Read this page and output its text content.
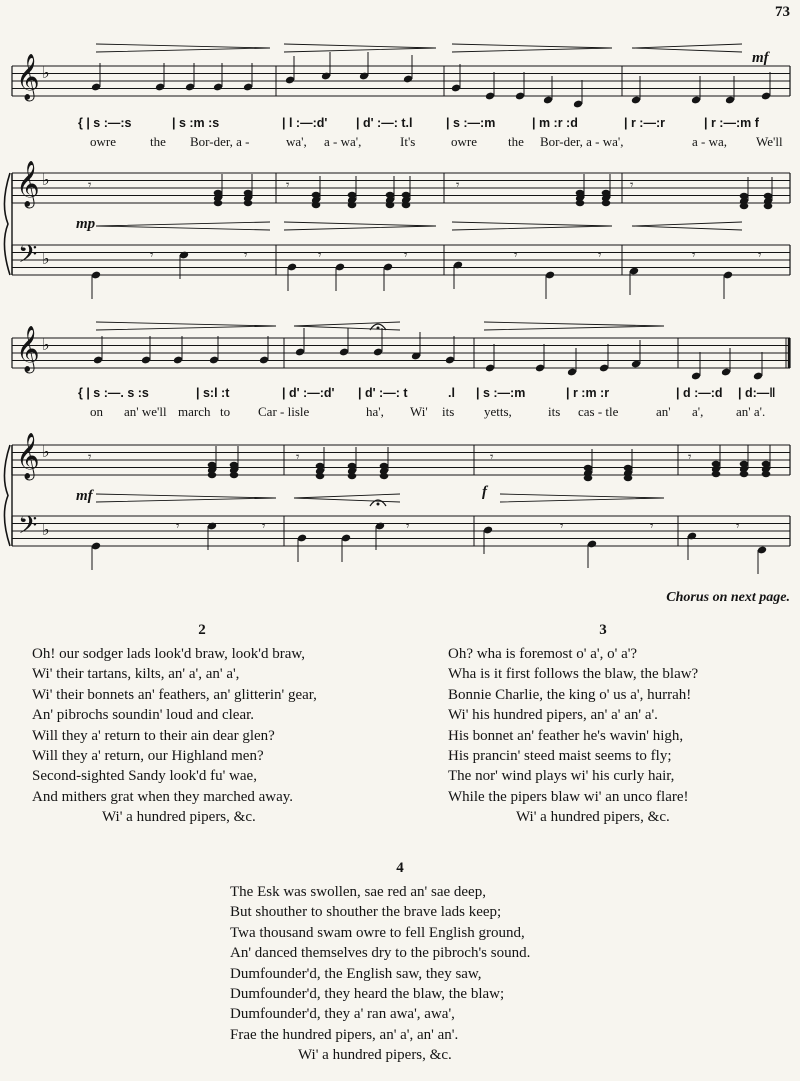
73
𝄞
𝄞
𝄢
♭
♭
♭
𝄾	𝄾	𝄾	𝄾
𝄾	𝄾	𝄾	𝄾	𝄾	𝄾	𝄾	𝄾
𝄞
𝄞
𝄢
♭
♭
♭
𝄾	𝄾	𝄾	𝄾
𝄾	𝄾	𝄾	𝄾	𝄾	𝄾
{ | s :—:s	| s :m :s	| l :—:d' | d' :—: t.l	| s :—:m	| m :r :d	| r :—:r	| r :—:m f
owre	the Bor-der, a -	wa', a - wa',	It's	owre the Bor-der, a - wa',	a - wa, We'll
{ | s :—. s :s	| s:l :t	| d' :—:d' | d' :—: t	.l | s :—:m	| r :m :r	| d :—:d | d:—‖
on an' we'll march to Car - lisle	ha', Wi' its yetts,	its cas - tle	an' a',	an' a'.
mf
mp
mf	f
Chorus on next page.
2
Oh! our sodger lads look'd braw, look'd braw,
Wi' their tartans, kilts, an' a', an' a',
Wi' their bonnets an' feathers, an' glitterin' gear,
An' pibrochs soundin' loud and clear.
Will they a' return to their ain dear glen?
Will they a' return, our Highland men?
Second-sighted Sandy look'd fu' wae,
And mithers grat when they marched away.
Wi' a hundred pipers, &c.
3
Oh? wha is foremost o' a', o' a'?
Wha is it first follows the blaw, the blaw?
Bonnie Charlie, the king o' us a', hurrah!
Wi' his hundred pipers, an' a' an' a'.
His bonnet an' feather he's wavin' high,
His prancin' steed maist seems to fly;
The nor' wind plays wi' his curly hair,
While the pipers blaw wi' an unco flare!
Wi' a hundred pipers, &c.
4
The Esk was swollen, sae red an' sae deep,
But shouther to shouther the brave lads keep;
Twa thousand swam owre to fell English ground,
An' danced themselves dry to the pibroch's sound.
Dumfounder'd, the English saw, they saw,
Dumfounder'd, they heard the blaw, the blaw;
Dumfounder'd, they a' ran awa', awa',
Frae the hundred pipers, an' a', an' an'.
Wi' a hundred pipers, &c.
